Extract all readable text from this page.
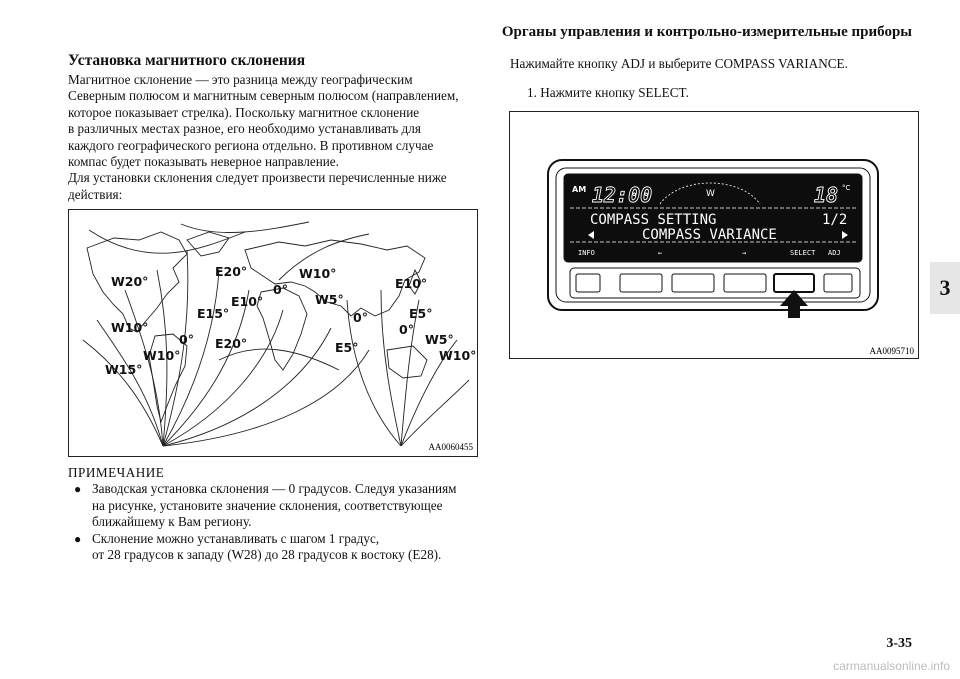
Органы управления и контрольно-измерительные приборы
3
Установка магнитного склонения
Магнитное склонение — это разница между географическим
Северным полюсом и магнитным северным полюсом (направлением,
которое показывает стрелка). Поскольку магнитное склонение
в различных местах разное, его необходимо устанавливать для
каждого географического региона отдельно. В противном случае
компас будет показывать неверное направление.
Для установки склонения следует произвести перечисленные ниже
действия:
W20°
E20°	W10°
0°
E10°	W5°
E10°
E15°	0°	E5°
W10°
0° E20°
0°
W5°
W10°
E5°
W10°
W15°
AA0060455
ПРИМЕЧАНИЕ
● Заводская установка склонения — 0 градусов. Следуя указаниям
на рисунке, установите значение склонения, соответствующее
ближайшему к Вам региону.
● Склонение можно устанавливать с шагом 1 градус,
от 28 градусов к западу (W28) до 28 градусов к востоку (E28).
Нажимайте кнопку ADJ и выберите COMPASS VARIANCE.
1. Нажмите кнопку SELECT.
AM 12:00	W	18 °C
COMPASS SETTING	1/2
COMPASS VARIANCE
INFO	←	→	SELECT ADJ
AA0095710
3-35
carmanualsonline.info
